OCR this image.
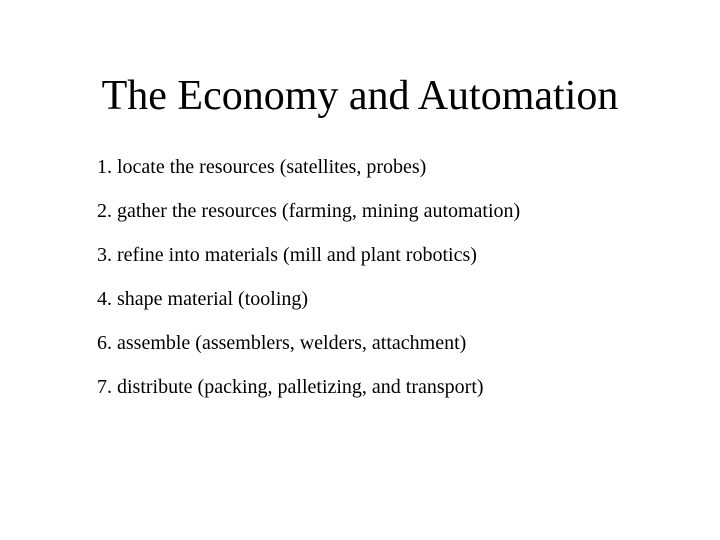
The Economy and Automation
1. locate the resources (satellites, probes)
2. gather the resources (farming, mining automation)
3. refine into materials (mill and plant robotics)
4. shape material (tooling)
6. assemble (assemblers, welders, attachment)
7. distribute (packing, palletizing, and transport)
